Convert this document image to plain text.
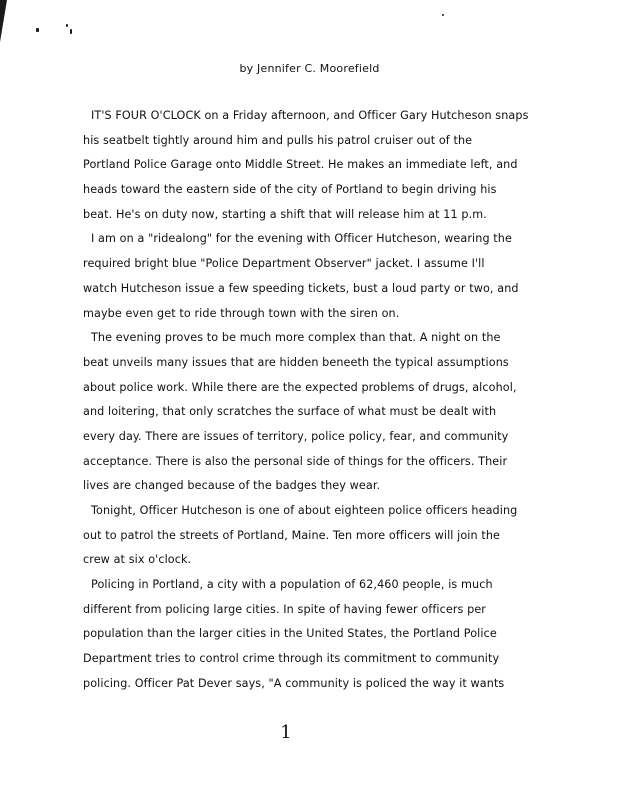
by Jennifer C. Moorefield
IT'S FOUR O'CLOCK on a Friday afternoon, and Officer Gary Hutcheson snaps
his seatbelt tightly around him and pulls his patrol cruiser out of the
Portland Police Garage onto Middle Street. He makes an immediate left, and
heads toward the eastern side of the city of Portland to begin driving his
beat. He's on duty now, starting a shift that will release him at 11 p.m.
I am on a "ridealong" for the evening with Officer Hutcheson, wearing the
required bright blue "Police Department Observer" jacket. I assume I'll
watch Hutcheson issue a few speeding tickets, bust a loud party or two, and
maybe even get to ride through town with the siren on.
The evening proves to be much more complex than that. A night on the
beat unveils many issues that are hidden beneeth the typical assumptions
about police work. While there are the expected problems of drugs, alcohol,
and loitering, that only scratches the surface of what must be dealt with
every day. There are issues of territory, police policy, fear, and community
acceptance. There is also the personal side of things for the officers. Their
lives are changed because of the badges they wear.
Tonight, Officer Hutcheson is one of about eighteen police officers heading
out to patrol the streets of Portland, Maine. Ten more officers will join the
crew at six o'clock.
Policing in Portland, a city with a population of 62,460 people, is much
different from policing large cities. In spite of having fewer officers per
population than the larger cities in the United States, the Portland Police
Department tries to control crime through its commitment to community
policing. Officer Pat Dever says, "A community is policed the way it wants
1
